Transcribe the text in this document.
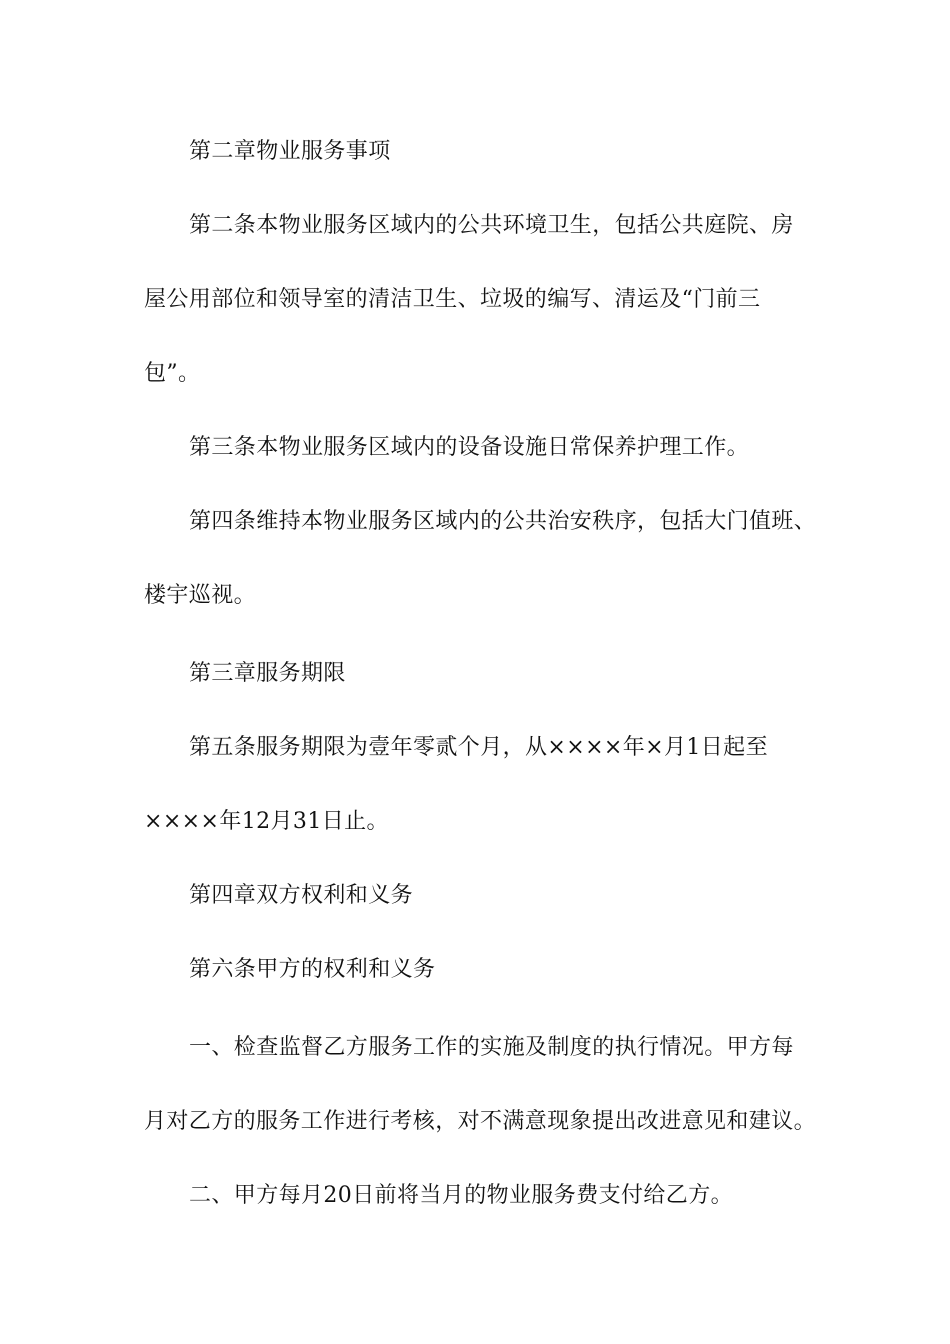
第二章物业服务事项
第二条本物业服务区域内的公共环境卫生，包括公共庭院、房
屋公用部位和领导室的清洁卫生、垃圾的编写、清运及“门前三
包”。
第三条本物业服务区域内的设备设施日常保养护理工作。
第四条维持本物业服务区域内的公共治安秩序，包括大门值班、
楼宇巡视。
第三章服务期限
第五条服务期限为壹年零贰个月，从××××年×月1日起至
××××年12月31日止。
第四章双方权利和义务
第六条甲方的权利和义务
一、检查监督乙方服务工作的实施及制度的执行情况。甲方每
月对乙方的服务工作进行考核，对不满意现象提出改进意见和建议。
二、甲方每月20日前将当月的物业服务费支付给乙方。
